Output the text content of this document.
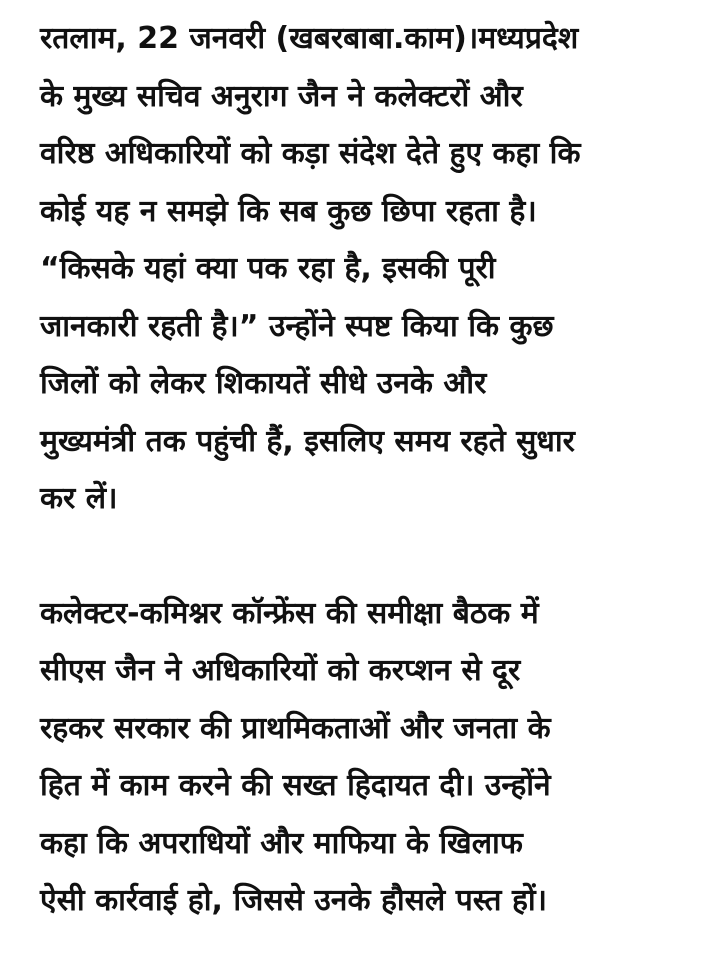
रतलाम, 22 जनवरी (खबरबाबा.काम)।मध्यप्रदेश
के मुख्य सचिव अनुराग जैन ने कलेक्टरों और
वरिष्ठ अधिकारियों को कड़ा संदेश देते हुए कहा कि
कोई यह न समझे कि सब कुछ छिपा रहता है।
“किसके यहां क्या पक रहा है, इसकी पूरी
जानकारी रहती है।” उन्होंने स्पष्ट किया कि कुछ
जिलों को लेकर शिकायतें सीधे उनके और
मुख्यमंत्री तक पहुंची हैं, इसलिए समय रहते सुधार
कर लें।

कलेक्टर-कमिश्नर कॉन्फ्रेंस की समीक्षा बैठक में
सीएस जैन ने अधिकारियों को करप्शन से दूर
रहकर सरकार की प्राथमिकताओं और जनता के
हित में काम करने की सख्त हिदायत दी। उन्होंने
कहा कि अपराधियों और माफिया के खिलाफ
ऐसी कार्रवाई हो, जिससे उनके हौसले पस्त हों।
